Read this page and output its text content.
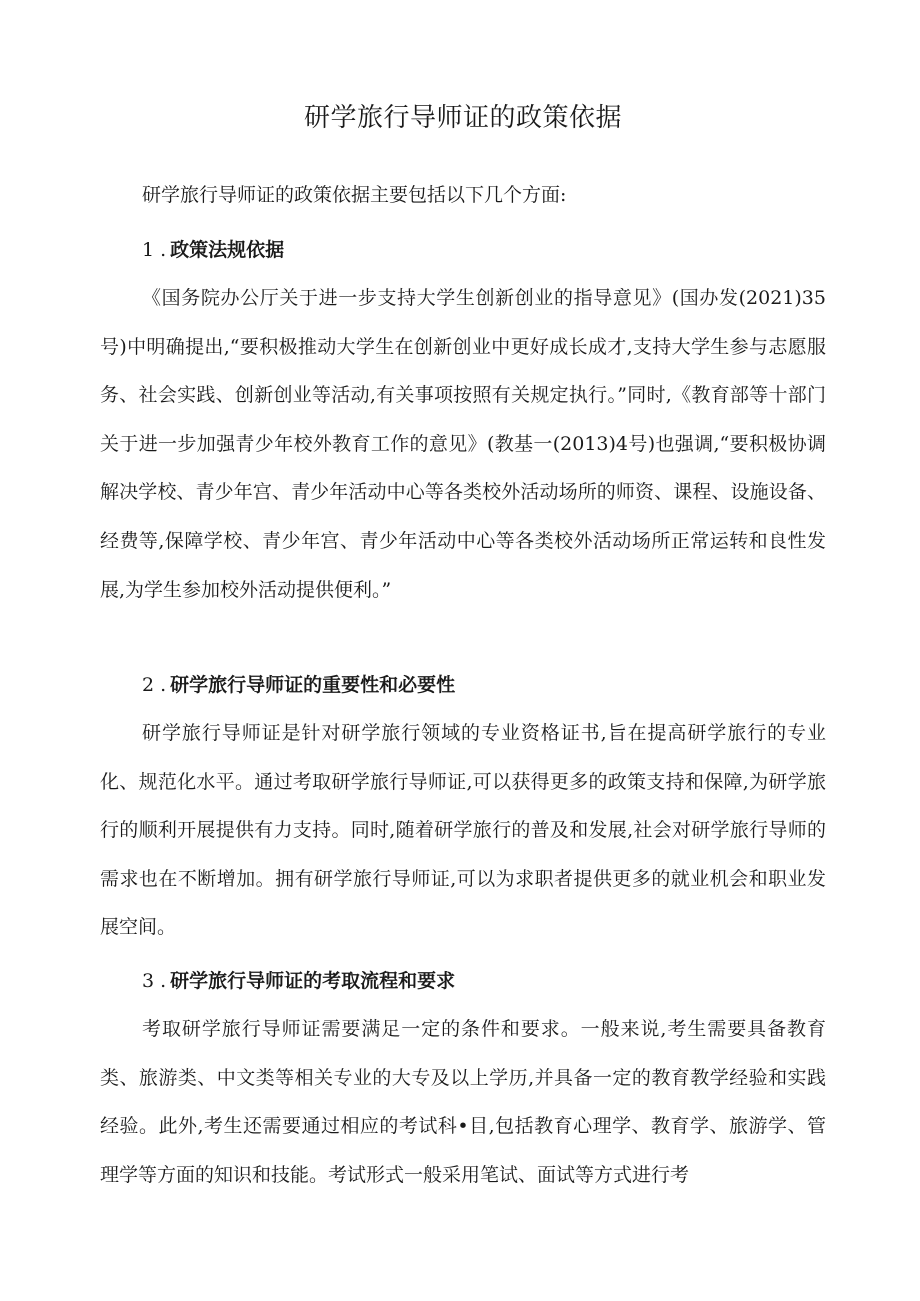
研学旅行导师证的政策依据

研学旅行导师证的政策依据主要包括以下几个方面:

1 . 政策法规依据

《国务院办公厅关于进一步支持大学生创新创业的指导意见》(国办发(2021)35号)中明确提出,“要积极推动大学生在创新创业中更好成长成才,支持大学生参与志愿服务、社会实践、创新创业等活动,有关事项按照有关规定执行。”同时,《教育部等十部门关于进一步加强青少年校外教育工作的意见》(教基一(2013)4号)也强调,“要积极协调解决学校、青少年宫、青少年活动中心等各类校外活动场所的师资、课程、设施设备、经费等,保障学校、青少年宫、青少年活动中心等各类校外活动场所正常运转和良性发展,为学生参加校外活动提供便利。”

2 . 研学旅行导师证的重要性和必要性

研学旅行导师证是针对研学旅行领域的专业资格证书,旨在提高研学旅行的专业化、规范化水平。通过考取研学旅行导师证,可以获得更多的政策支持和保障,为研学旅行的顺利开展提供有力支持。同时,随着研学旅行的普及和发展,社会对研学旅行导师的需求也在不断增加。拥有研学旅行导师证,可以为求职者提供更多的就业机会和职业发展空间。

3 . 研学旅行导师证的考取流程和要求

考取研学旅行导师证需要满足一定的条件和要求。一般来说,考生需要具备教育类、旅游类、中文类等相关专业的大专及以上学历,并具备一定的教育教学经验和实践经验。此外,考生还需要通过相应的考试科•目,包括教育心理学、教育学、旅游学、管理学等方面的知识和技能。考试形式一般采用笔试、面试等方式进行考
